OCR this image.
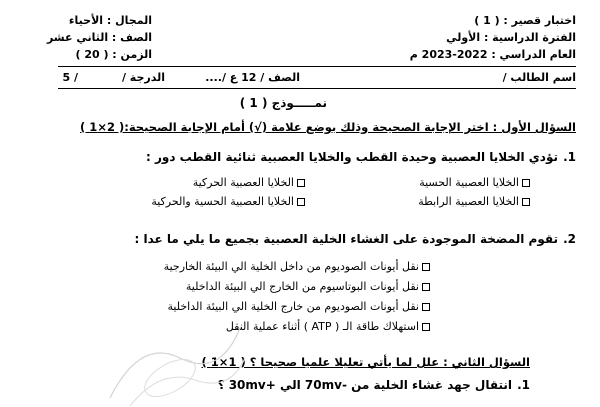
اختبار قصير : ( 1 )
الفترة الدراسية : الأولي
العام الدراسي : 2022-2023 م
المجال : الأحياء
الصف : الثاني عشر
الزمن : ( 20 )
اسم الطالب /
الصف / 12 ع /....
الدرجة /
/ 5
نمـــــوذج ( 1 )
السؤال الأول : اختر الإجابة الصحيحة وذلك بوضع علامة (√) أمام الإجابة الصحيحة:( 2×1 )
1.
تؤدي الخلايا العصبية وحيدة القطب والخلايا العصبية ثنائية القطب دور :
الخلايا العصبية الحسية
الخلايا العصبية الحركية
الخلايا العصبية الرابطة
الخلايا العصبية الحسية والحركية
2.
تقوم المضخة الموجودة على الغشاء الخلية العصبية بجميع ما يلي ما عدا :
نقل أيونات الصوديوم من داخل الخلية الي البيئة الخارجية
نقل أيونات البوتاسيوم من الخارج الي البيئة الداخلية
نقل أيونات الصوديوم من خارج الخلية الي البيئة الداخلية
استهلاك طاقة الـ ( ATP ) أثناء عملية النقل
السؤال الثاني : علل لما يأتي تعليلا علميا صحيحا ؟ ( 1×1 )
1.
انتقال جهد غشاء الخلية من -70mv الي +30mv ؟
